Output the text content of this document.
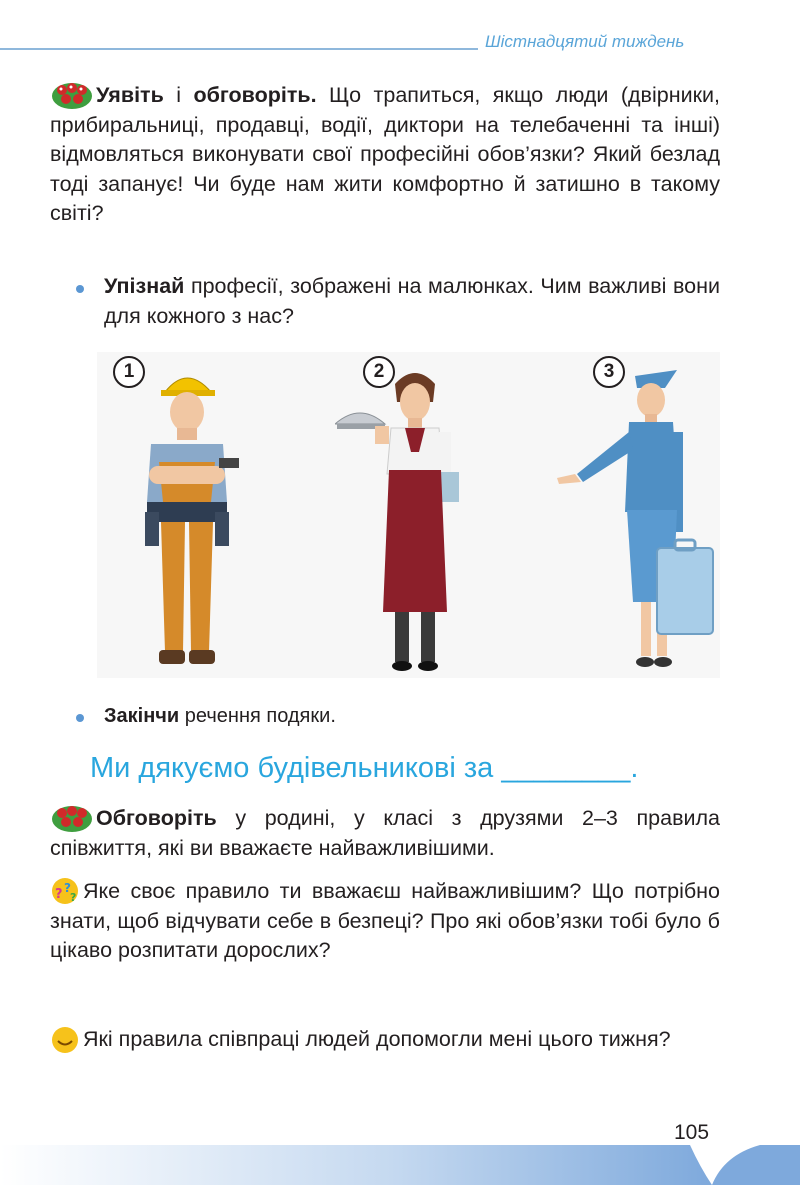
Шістнадцятий тиждень
Уявіть і обговоріть. Що трапиться, якщо люди (двірники, прибиральниці, продавці, водії, диктори на телебаченні та інші) відмовляться виконувати свої професійні обов’язки? Який безлад тоді запанує! Чи буде нам жити комфортно й затишно в такому світі?
Упізнай професії, зображені на малюнках. Чим важливі вони для кожного з нас?
1	2	3
Закінчи речення подяки.
Ми дякуємо будівельникові за ________.
Обговоріть у родині, у класі з друзями 2–3 правила співжиття, які ви вважаєте найважливішими.
? ?
? Яке своє правило ти вважаєш найважливішим? Що потрібно знати, щоб відчувати себе в безпеці? Про які обов’язки тобі було б цікаво розпитати дорослих?
Які правила співпраці людей допомогли мені цього тижня?
105
